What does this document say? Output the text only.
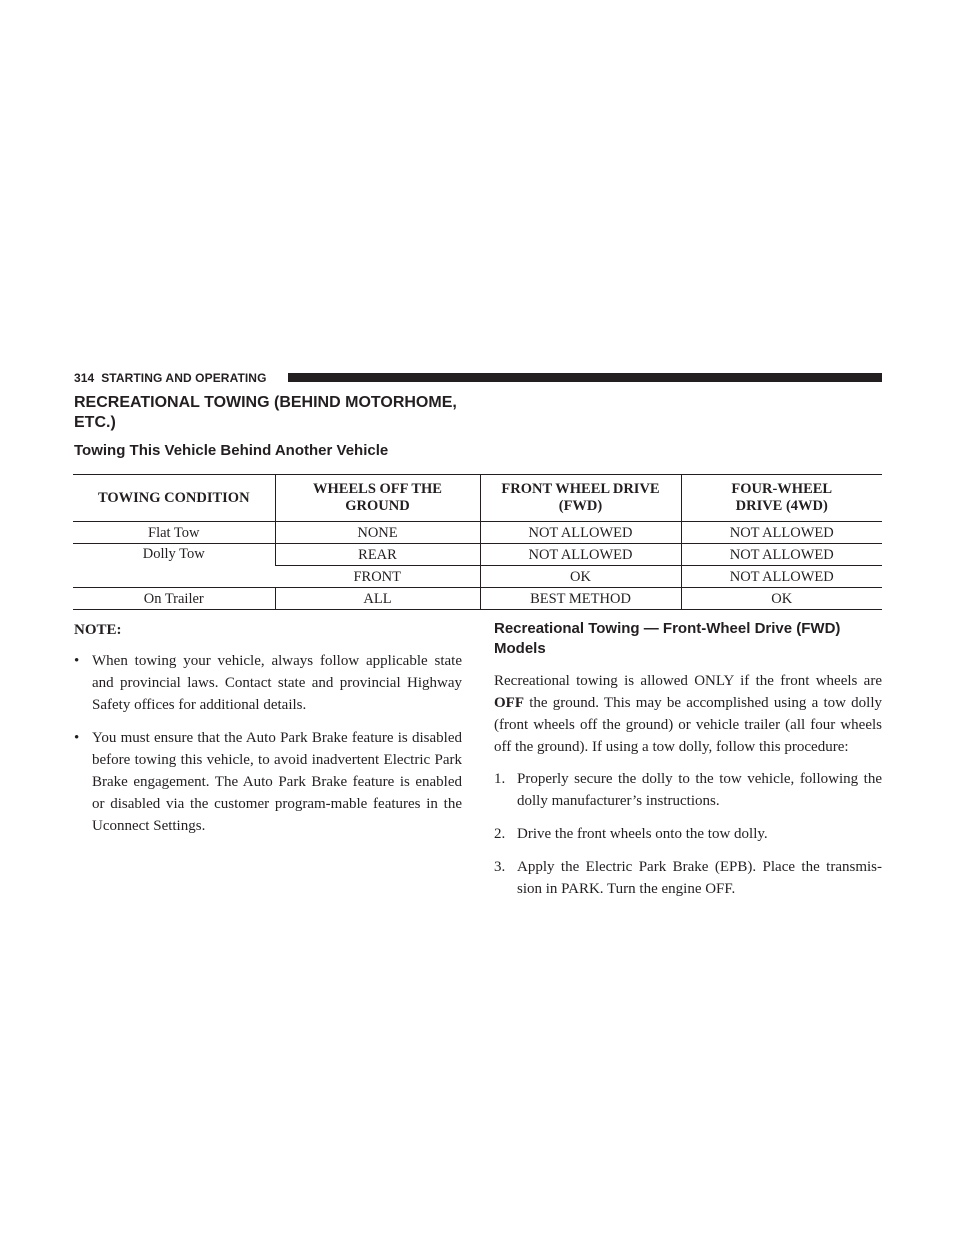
314 STARTING AND OPERATING
RECREATIONAL TOWING (BEHIND MOTORHOME, ETC.)
Towing This Vehicle Behind Another Vehicle
TOWING CONDITION	WHEELS OFF THE GROUND	FRONT WHEEL DRIVE (FWD)	FOUR-WHEEL DRIVE (4WD)

Flat Tow	NONE	NOT ALLOWED	NOT ALLOWED
Dolly Tow	REAR	NOT ALLOWED	NOT ALLOWED
	FRONT	OK	NOT ALLOWED
On Trailer	ALL	BEST METHOD	OK
NOTE:
• When towing your vehicle, always follow applicable state and provincial laws. Contact state and provincial Highway Safety offices for additional details.
• You must ensure that the Auto Park Brake feature is disabled before towing this vehicle, to avoid inadvertent Electric Park Brake engagement. The Auto Park Brake feature is enabled or disabled via the customer program-mable features in the Uconnect Settings.
Recreational Towing — Front-Wheel Drive (FWD) Models
Recreational towing is allowed ONLY if the front wheels are OFF the ground. This may be accomplished using a tow dolly (front wheels off the ground) or vehicle trailer (all four wheels off the ground). If using a tow dolly, follow this procedure:
1. Properly secure the dolly to the tow vehicle, following the dolly manufacturer’s instructions.
2. Drive the front wheels onto the tow dolly.
3. Apply the Electric Park Brake (EPB). Place the transmis-sion in PARK. Turn the engine OFF.
